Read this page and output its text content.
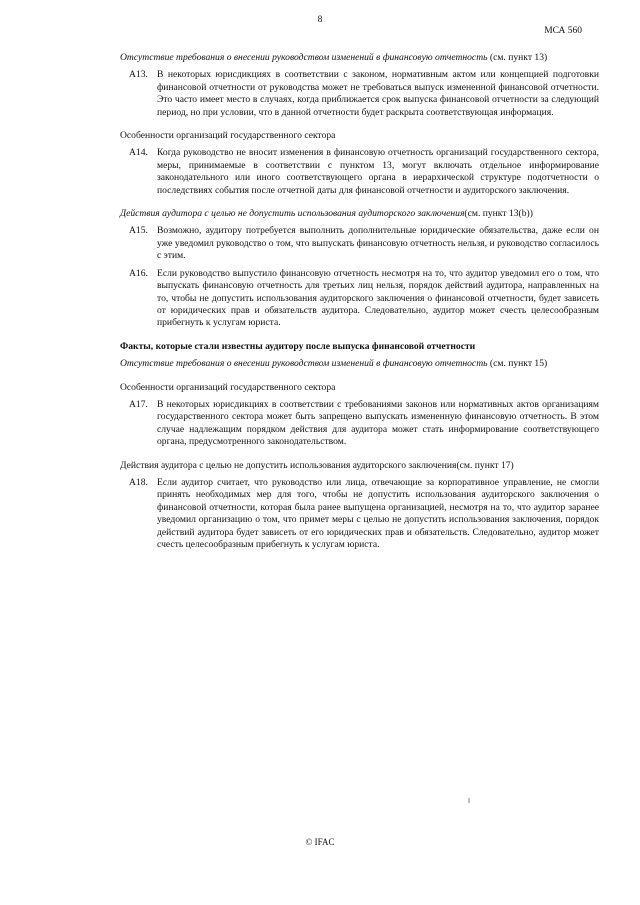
8
МСА 560

Отсутствие требования о внесении руководством изменений в финансовую отчетность (см. пункт 13)

A13. В некоторых юрисдикциях в соответствии с законом, нормативным актом или концепцией подготовки финансовой отчетности от руководства может не требоваться выпуск измененной финансовой отчетности. Это часто имеет место в случаях, когда приближается срок выпуска финансовой отчетности за следующий период, но при условии, что в данной отчетности будет раскрыта соответствующая информация.

Особенности организаций государственного сектора

A14. Когда руководство не вносит изменения в финансовую отчетность организаций государственного сектора, меры, принимаемые в соответствии с пунктом 13, могут включать отдельное информирование законодательного или иного соответствующего органа в иерархической структуре подотчетности о последствиях события после отчетной даты для финансовой отчетности и аудиторского заключения.

Действия аудитора с целью не допустить использования аудиторского заключения(см. пункт 13(b))

A15. Возможно, аудитору потребуется выполнить дополнительные юридические обязательства, даже если он уже уведомил руководство о том, что выпускать финансовую отчетность нельзя, и руководство согласилось с этим.
A16. Если руководство выпустило финансовую отчетность несмотря на то, что аудитор уведомил его о том, что выпускать финансовую отчетность для третьих лиц нельзя, порядок действий аудитора, направленных на то, чтобы не допустить использования аудиторского заключения о финансовой отчетности, будет зависеть от юридических прав и обязательств аудитора. Следовательно, аудитор может счесть целесообразным прибегнуть к услугам юриста.

Факты, которые стали известны аудитору после выпуска финансовой отчетности

Отсутствие требования о внесении руководством изменений в финансовую отчетность (см. пункт 15)

Особенности организаций государственного сектора

A17. В некоторых юрисдикциях в соответствии с требованиями законов или нормативных актов организациям государственного сектора может быть запрещено выпускать измененную финансовую отчетность. В этом случае надлежащим порядком действия для аудитора может стать информирование соответствующего органа, предусмотренного законодательством.

Действия аудитора с целью не допустить использования аудиторского заключения(см. пункт 17)

A18. Если аудитор считает, что руководство или лица, отвечающие за корпоративное управление, не смогли принять необходимых мер для того, чтобы не допустить использования аудиторского заключения о финансовой отчетности, которая была ранее выпущена организацией, несмотря на то, что аудитор заранее уведомил организацию о том, что примет меры с целью не допустить использования заключения, порядок действий аудитора будет зависеть от его юридических прав и обязательств. Следовательно, аудитор может счесть целесообразным прибегнуть к услугам юриста.
© IFAC
